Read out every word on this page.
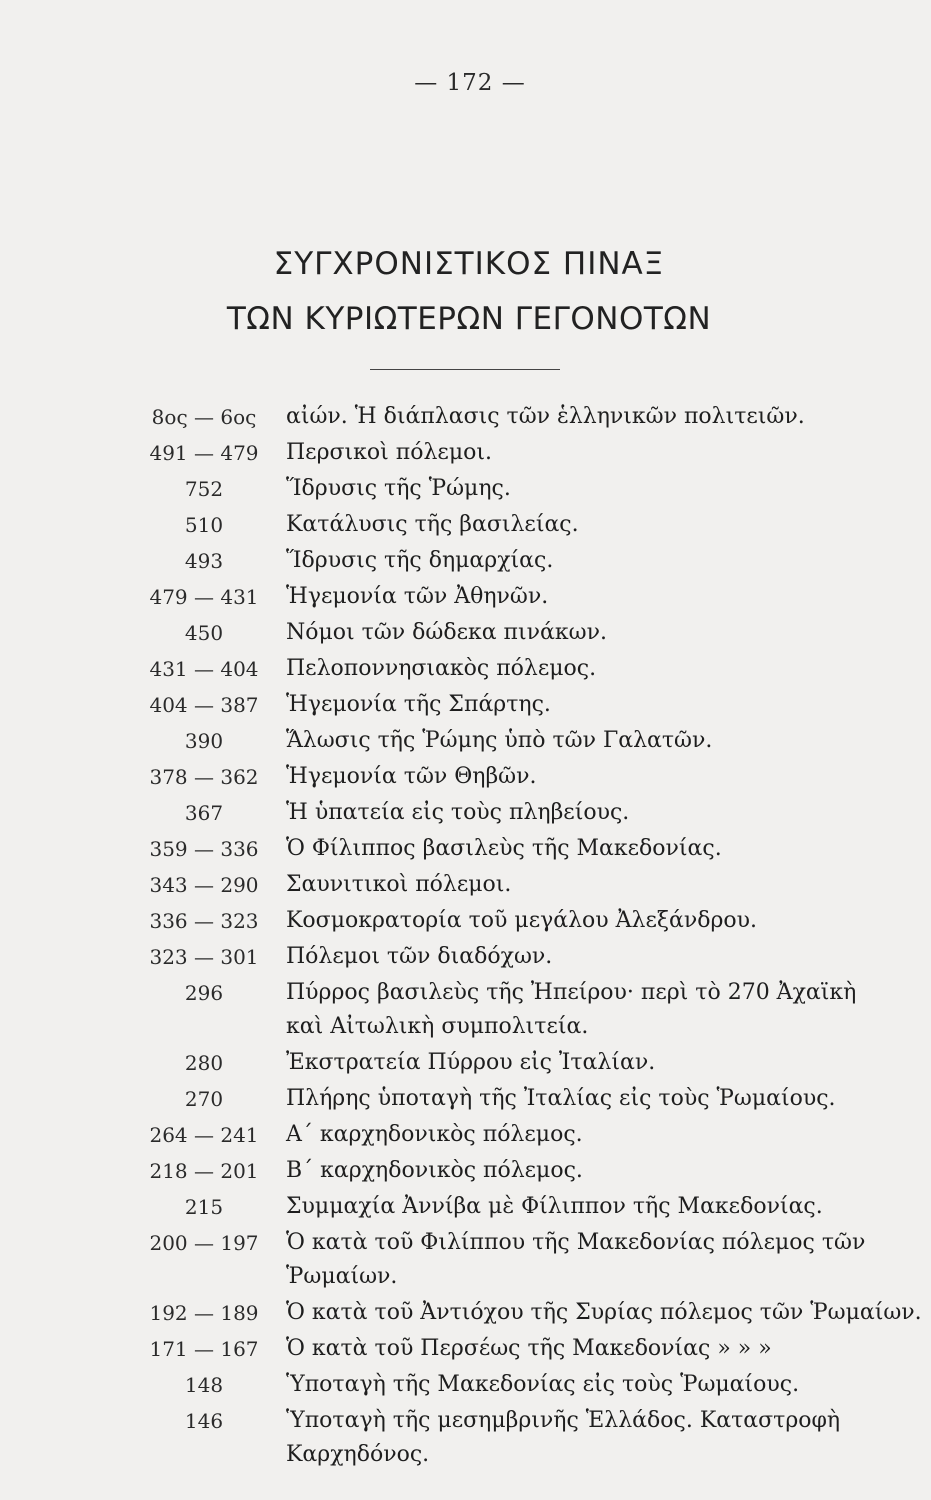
— 172 —
ΣΥΓΧΡΟΝΙΣΤΙΚΟΣ ΠΙΝΑΞ
ΤΩΝ ΚΥΡΙΩΤΕΡΩΝ ΓΕΓΟΝΟΤΩΝ
8ος — 6ος	αἰών. Ἡ διάπλασις τῶν ἑλληνικῶν πολιτειῶν.
491 — 479	Περσικοὶ πόλεμοι.
752	Ἵδρυσις τῆς Ῥώμης.
510	Κατάλυσις τῆς βασιλείας.
493	Ἵδρυσις τῆς δημαρχίας.
479 — 431	Ἡγεμονία τῶν Ἀθηνῶν.
450	Νόμοι τῶν δώδεκα πινάκων.
431 — 404	Πελοποννησιακὸς πόλεμος.
404 — 387	Ἡγεμονία τῆς Σπάρτης.
390	Ἅλωσις τῆς Ῥώμης ὑπὸ τῶν Γαλατῶν.
378 — 362	Ἡγεμονία τῶν Θηβῶν.
367	Ἡ ὑπατεία εἰς τοὺς πληβείους.
359 — 336	Ὁ Φίλιππος βασιλεὺς τῆς Μακεδονίας.
343 — 290	Σαυνιτικοὶ πόλεμοι.
336 — 323	Κοσμοκρατορία τοῦ μεγάλου Ἀλεξάνδρου.
323 — 301	Πόλεμοι τῶν διαδόχων.
296	Πύρρος βασιλεὺς τῆς Ἠπείρου· περὶ τὸ 270 Ἀχαϊκὴ
καὶ Αἰτωλικὴ συμπολιτεία.
280	Ἐκστρατεία Πύρρου εἰς Ἰταλίαν.
270	Πλήρης ὑποταγὴ τῆς Ἰταλίας εἰς τοὺς Ῥωμαίους.
264 — 241	Α΄ καρχηδονικὸς πόλεμος.
218 — 201	Β΄ καρχηδονικὸς πόλεμος.
215	Συμμαχία Ἀννίβα μὲ Φίλιππον τῆς Μακεδονίας.
200 — 197	Ὁ κατὰ τοῦ Φιλίππου τῆς Μακεδονίας πόλεμος τῶν
Ῥωμαίων.
192 — 189	Ὁ κατὰ τοῦ Ἀντιόχου τῆς Συρίας πόλεμος τῶν Ῥωμαίων.
171 — 167	Ὁ κατὰ τοῦ Περσέως τῆς Μακεδονίας » » »
148	Ὑποταγὴ τῆς Μακεδονίας εἰς τοὺς Ῥωμαίους.
146	Ὑποταγὴ τῆς μεσημβρινῆς Ἑλλάδος. Καταστροφὴ
Καρχηδόνος.
